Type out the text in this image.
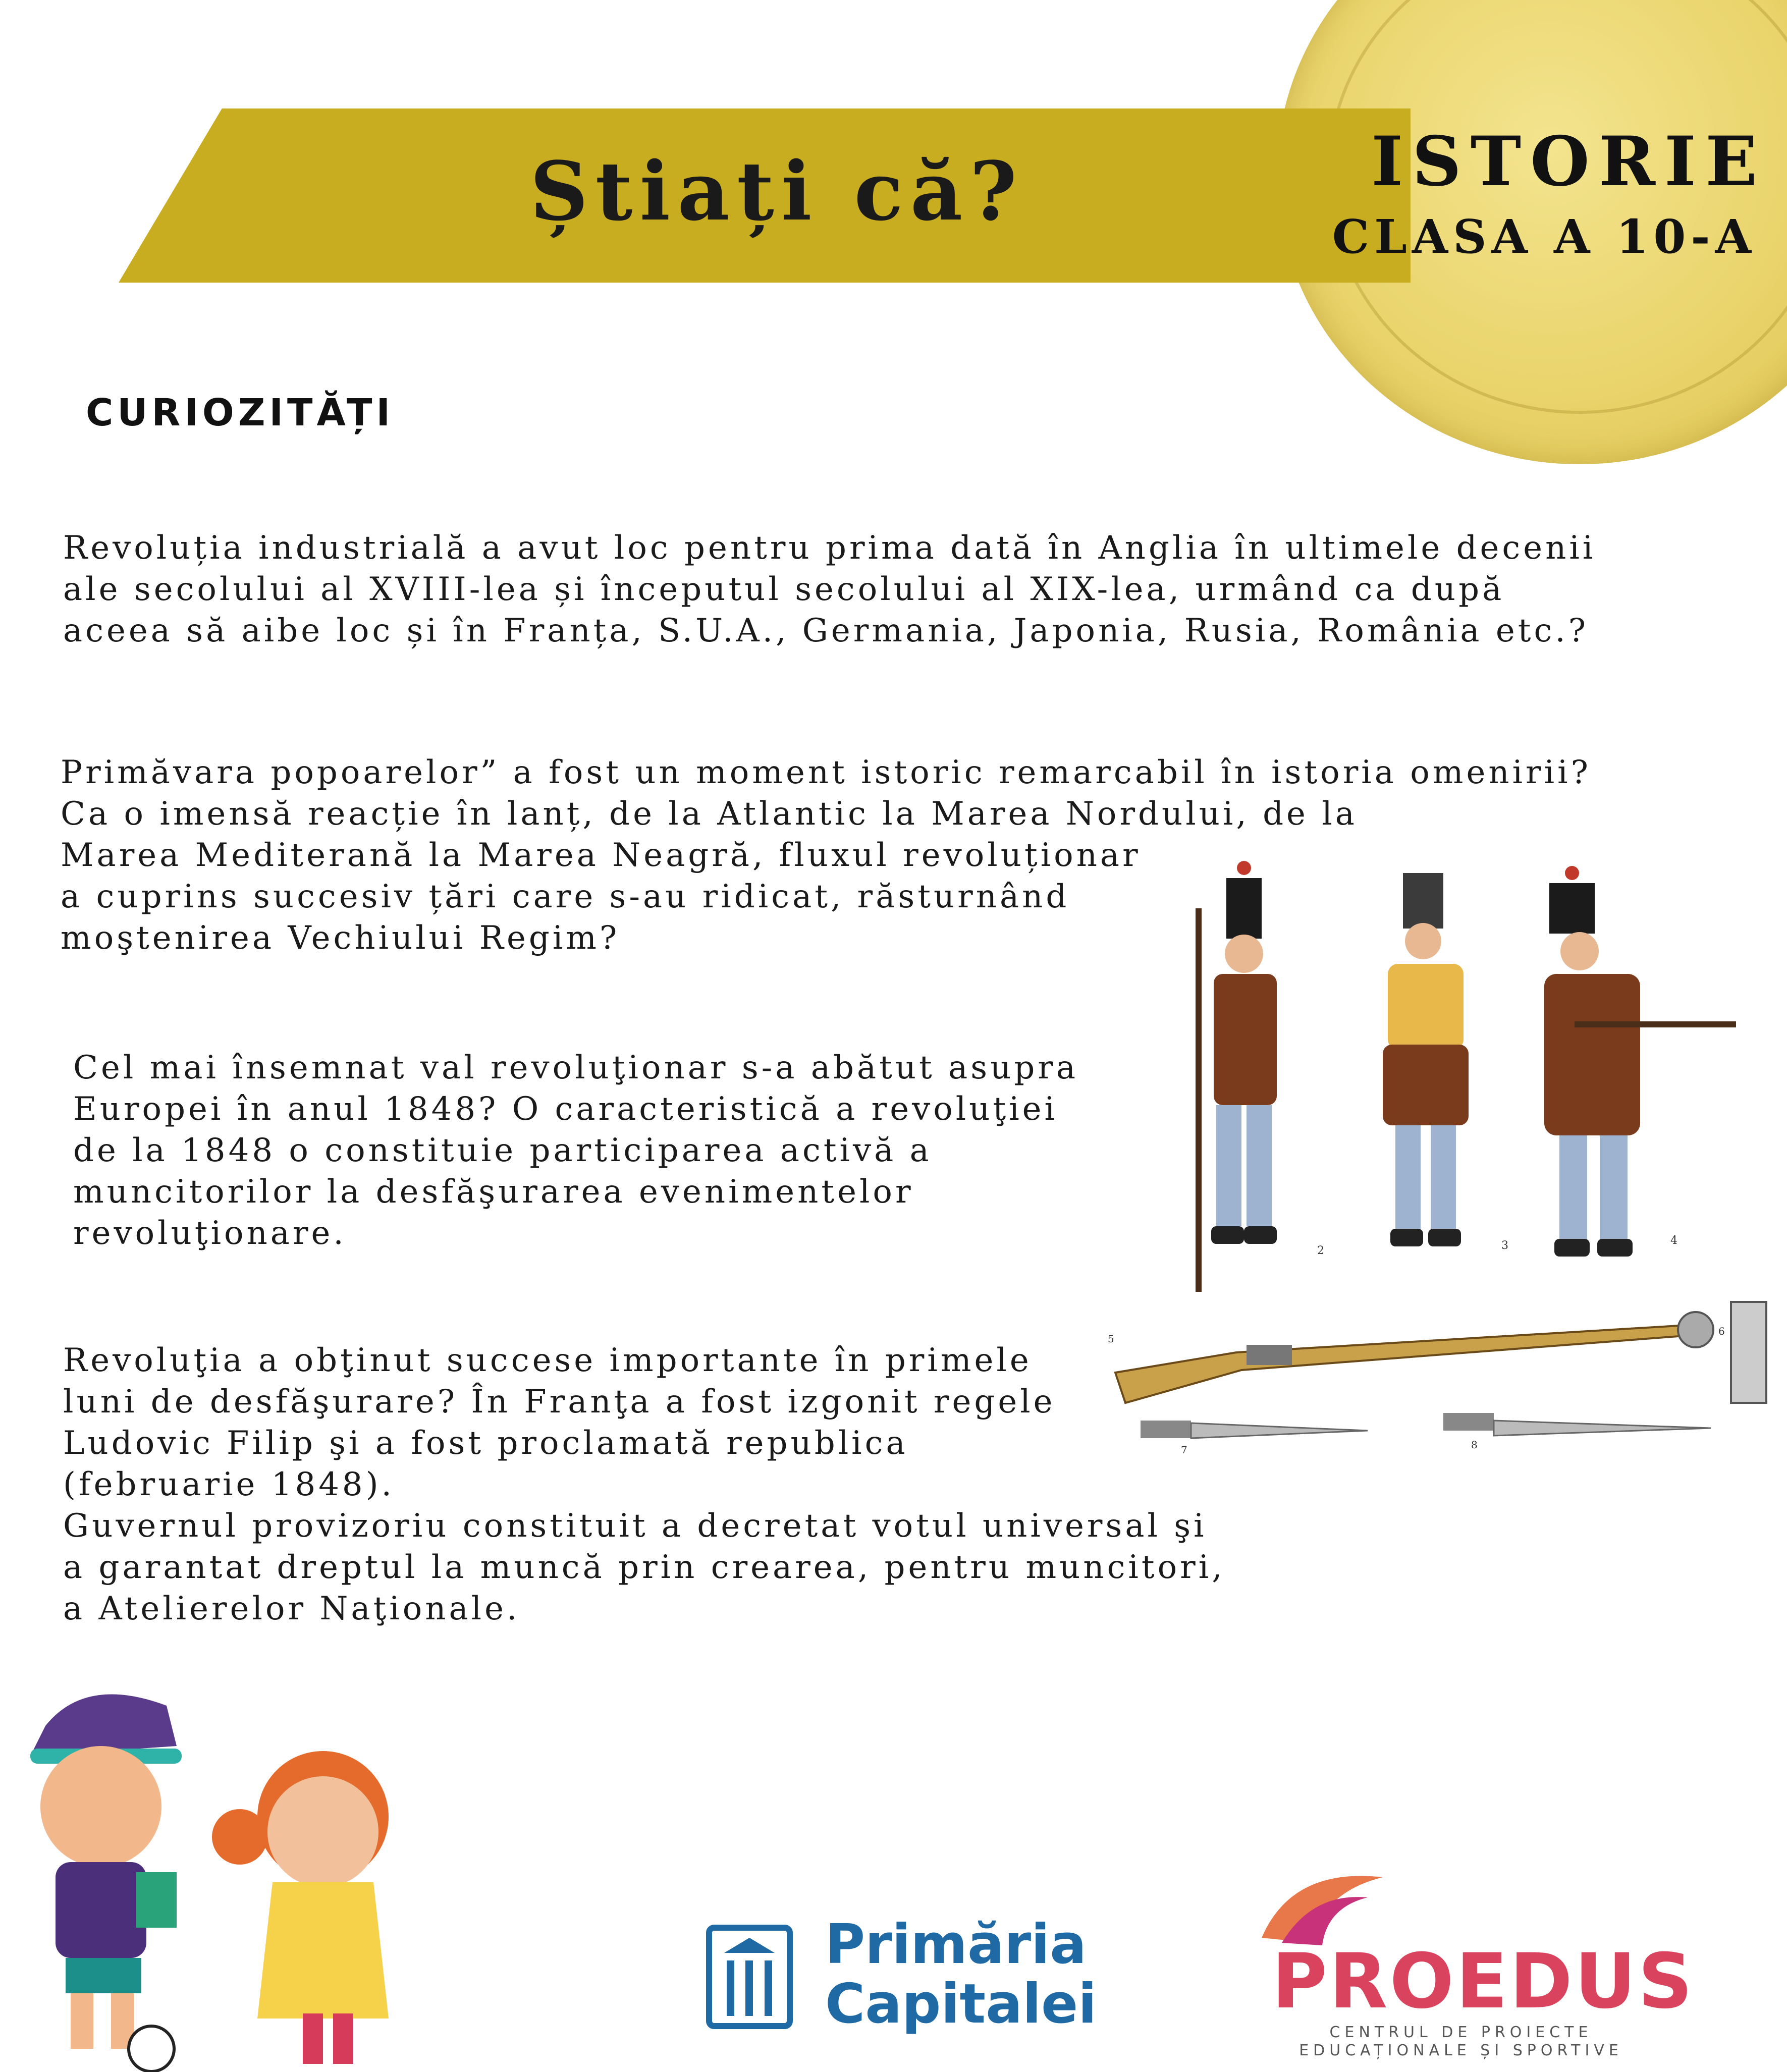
Știați că?	ISTORIE
CLASA A 10-A
CURIOZITĂȚI
Revoluția industrială a avut loc pentru prima dată în Anglia în ultimele decenii
ale secolului al XVIII-lea și începutul secolului al XIX-lea, urmând ca după
aceea să aibe loc și în Franța, S.U.A., Germania, Japonia, Rusia, România etc.?
Primăvara popoarelor” a fost un moment istoric remarcabil în istoria omenirii?
Ca o imensă reacție în lanț, de la Atlantic la Marea Nordului, de la
Marea Mediterană la Marea Neagră, fluxul revoluționar
a cuprins succesiv țări care s-au ridicat, răsturnând
moştenirea Vechiului Regim?
Cel mai însemnat val revoluţionar s-a abătut asupra
Europei în anul 1848? O caracteristică a revoluţiei
de la 1848 o constituie participarea activă a
muncitorilor la desfăşurarea evenimentelor
revoluţionare.
Revoluţia a obţinut succese importante în primele
luni de desfăşurare? În Franţa a fost izgonit regele
Ludovic Filip şi a fost proclamată republica
(februarie 1848).
Guvernul provizoriu constituit a decretat votul universal şi
a garantat dreptul la muncă prin crearea, pentru muncitori,
a Atelierelor Naţionale.
2	3	4
5
6
7	8
Primăria
Capitalei PROEDUS
CENTRUL DE PROIECTE EDUCAȚIONALE ȘI SPORTIVE
